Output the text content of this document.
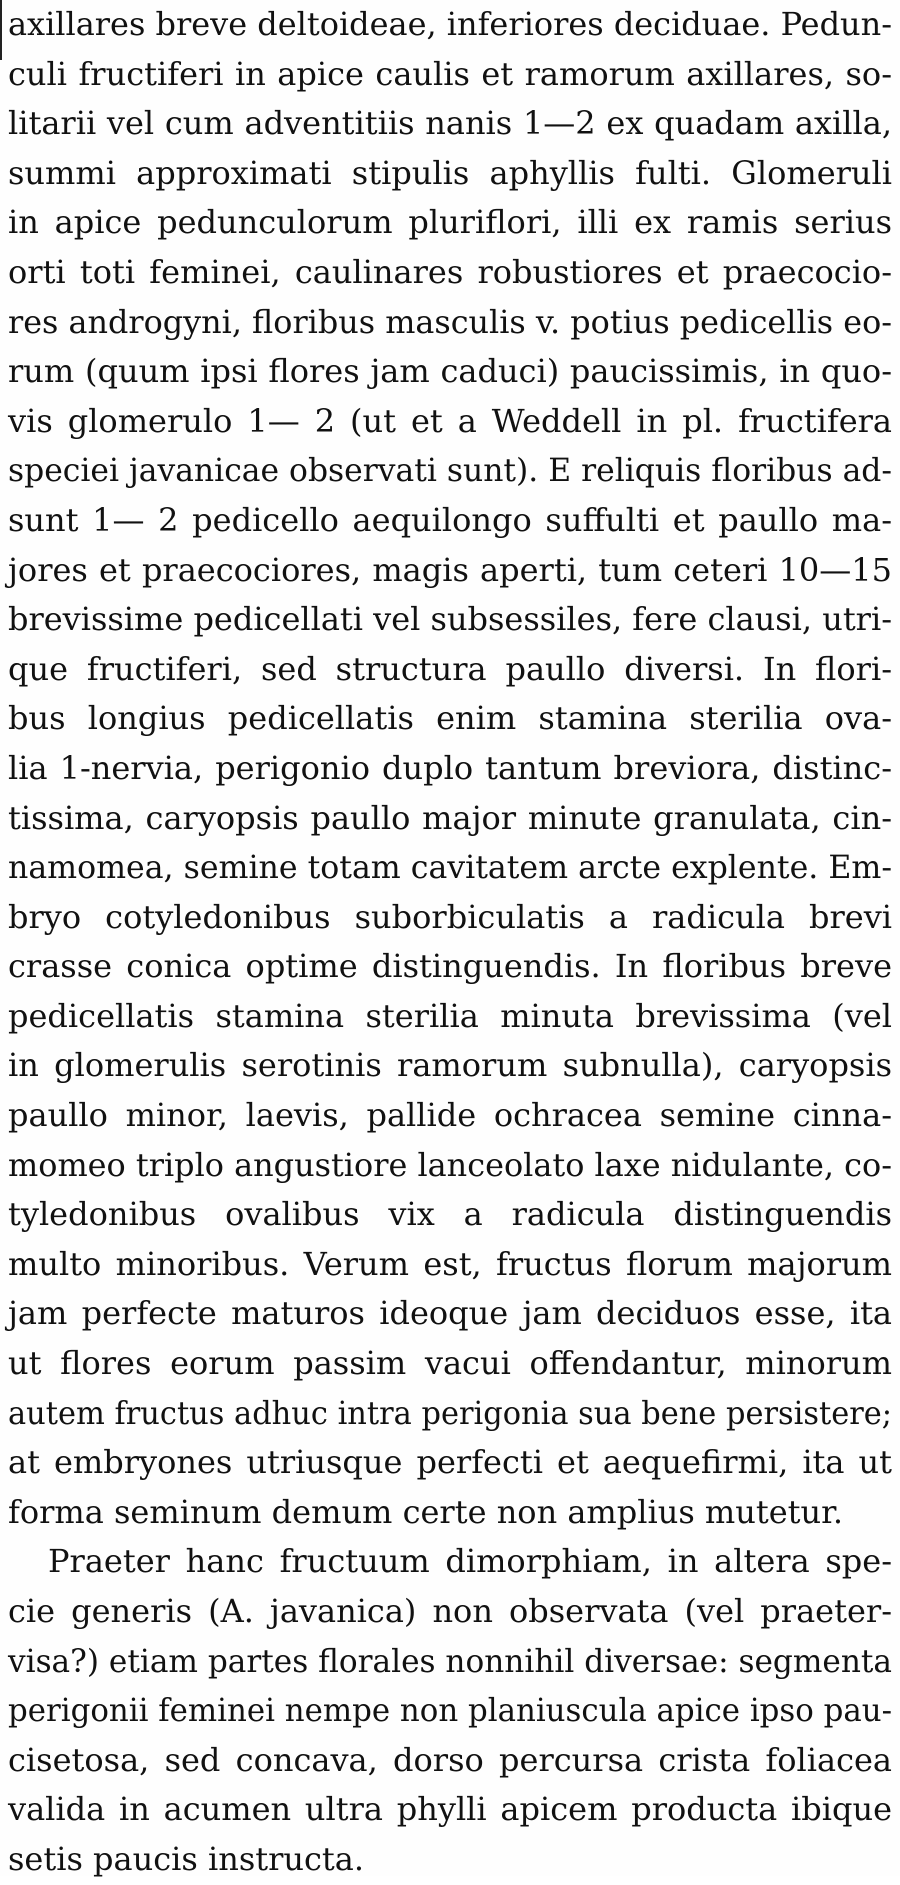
axillares breve deltoideae, inferiores deciduae. Pedun-
culi fructiferi in apice caulis et ramorum axillares, so-
litarii vel cum adventitiis nanis 1—2 ex quadam axilla,
summi approximati stipulis aphyllis fulti. Glomeruli
in apice pedunculorum pluriflori, illi ex ramis serius
orti toti feminei, caulinares robustiores et praecocio-
res androgyni, floribus masculis v. potius pedicellis eo-
rum (quum ipsi flores jam caduci) paucissimis, in quo-
vis glomerulo 1— 2 (ut et a Weddell in pl. fructifera
speciei javanicae observati sunt). E reliquis floribus ad-
sunt 1— 2 pedicello aequilongo suffulti et paullo ma-
jores et praecociores, magis aperti, tum ceteri 10—15
brevissime pedicellati vel subsessiles, fere clausi, utri-
que fructiferi, sed structura paullo diversi. In flori-
bus longius pedicellatis enim stamina sterilia ova-
lia 1-nervia, perigonio duplo tantum breviora, distinc-
tissima, caryopsis paullo major minute granulata, cin-
namomea, semine totam cavitatem arcte explente. Em-
bryo cotyledonibus suborbiculatis a radicula brevi
crasse conica optime distinguendis. In floribus breve
pedicellatis stamina sterilia minuta brevissima (vel
in glomerulis serotinis ramorum subnulla), caryopsis
paullo minor, laevis, pallide ochracea semine cinna-
momeo triplo angustiore lanceolato laxe nidulante, co-
tyledonibus ovalibus vix a radicula distinguendis
multo minoribus. Verum est, fructus florum majorum
jam perfecte maturos ideoque jam deciduos esse, ita
ut flores eorum passim vacui offendantur, minorum
autem fructus adhuc intra perigonia sua bene persistere;
at embryones utriusque perfecti et aequefirmi, ita ut
forma seminum demum certe non amplius mutetur.
Praeter hanc fructuum dimorphiam, in altera spe-
cie generis (A. javanica) non observata (vel praeter-
visa?) etiam partes florales nonnihil diversae: segmenta
perigonii feminei nempe non planiuscula apice ipso pau-
cisetosa, sed concava, dorso percursa crista foliacea
valida in acumen ultra phylli apicem producta ibique
setis paucis instructa.
